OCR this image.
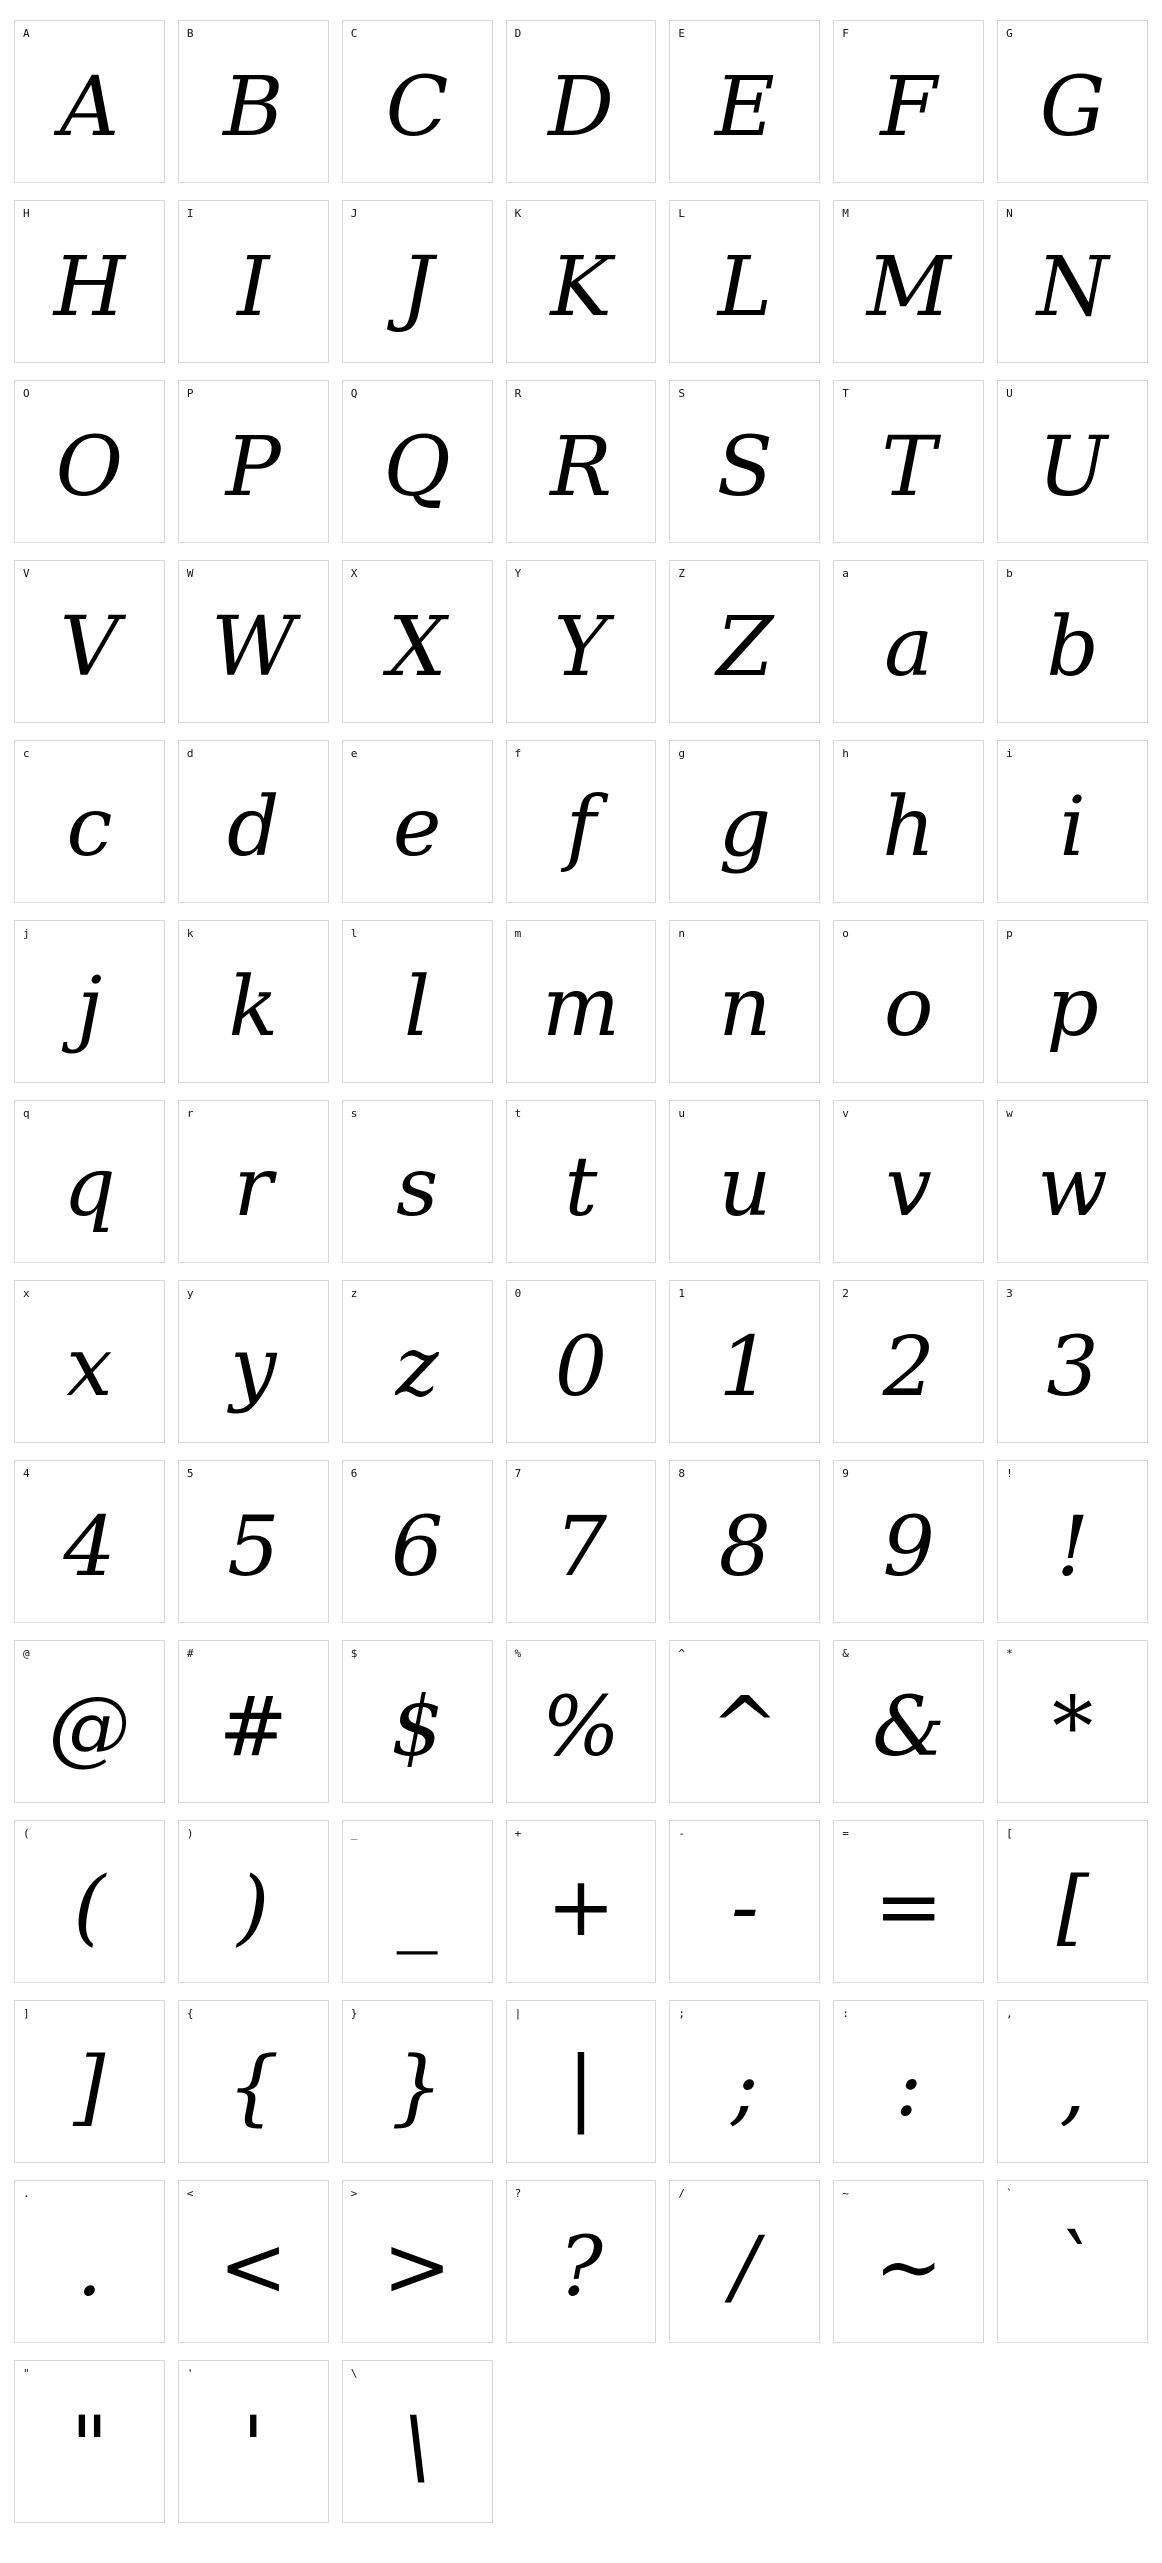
A
A
B
B
C
C
D
D
E
E
F
F
G
G
H
H
I
I
J
J
K
K
L
L
M
M
N
N
O
O
P
P
Q
Q
R
R
S
S
T
T
U
U
V
V
W
W
X
X
Y
Y
Z
Z
a
a
b
b
c
c
d
d
e
e
f
f
g
g
h
h
i
i
j
j
k
k
l
l
m
m
n
n
o
o
p
p
q
q
r
r
s
s
t
t
u
u
v
v
w
w
x
x
y
y
z
z
0
0
1
1
2
2
3
3
4
4
5
5
6
6
7
7
8
8
9
9
!
!
@
@
#
#
$
$
%
%
^
^
&
&
*
*
(
(
)
)
_
_
+
+
-
-
=
=
[
[
]
]
{
{
}
}
|
|
;
;
:
:
,
,
.
.
<
<
>
>
?
?
/
/
~
~
`
`
"
"
'
'
\
\
